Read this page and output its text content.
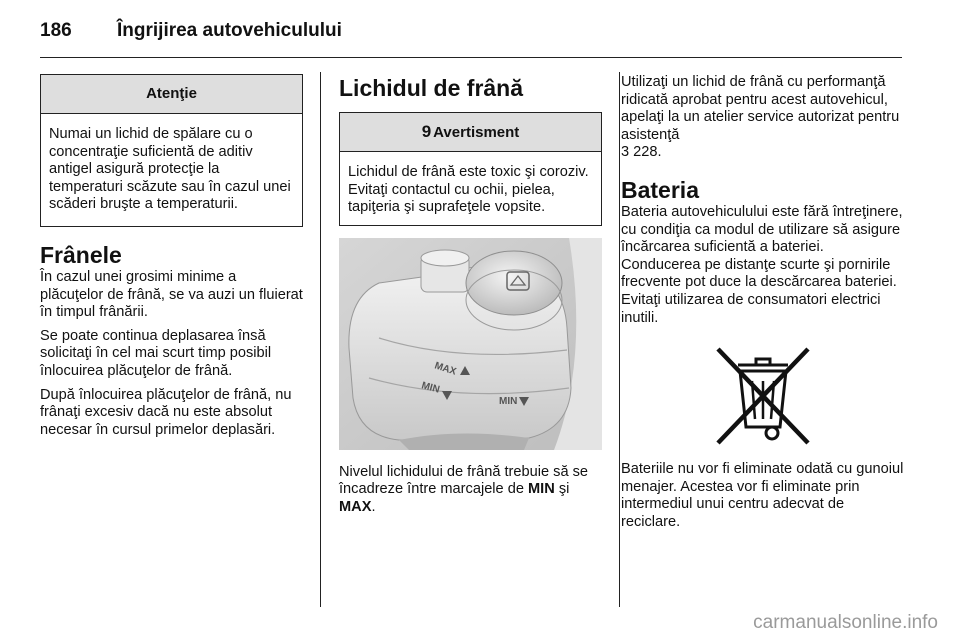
186 Îngrijirea autovehiculului
Atenţie
Numai un lichid de spălare cu o concentraţie suficientă de aditiv antigel asigură protecţie la temperaturi scăzute sau în cazul unei scăderi bruşte a temperaturii.
Frânele

În cazul unei grosimi minime a plăcuţelor de frână, se va auzi un fluierat în timpul frânării.

Se poate continua deplasarea însă solicitaţi în cel mai scurt timp posibil înlocuirea plăcuţelor de frână.

După înlocuirea plăcuţelor de frână, nu frânaţi excesiv dacă nu este absolut necesar în cursul primelor deplasări.

Lichidul de frână
9 Avertisment
Lichidul de frână este toxic şi coroziv. Evitaţi contactul cu ochii, pielea, tapiţeria şi suprafeţele vopsite.
MAX
MIN
MIN

Nivelul lichidului de frână trebuie să se încadreze între marcajele de MIN şi MAX.

Utilizaţi un lichid de frână cu performanţă ridicată aprobat pentru acest autovehicul, apelaţi la un atelier service autorizat pentru asistenţă
3 228.

Bateria

Bateria autovehiculului este fără întreţinere, cu condiţia ca modul de utilizare să asigure încărcarea suficientă a bateriei. Conducerea pe distanţe scurte şi pornirile frecvente pot duce la descărcarea bateriei. Evitaţi utilizarea de consumatori electrici inutili.

Bateriile nu vor fi eliminate odată cu gunoiul menajer. Acestea vor fi eliminate prin intermediul unui centru adecvat de reciclare.

carmanualsonline.info
